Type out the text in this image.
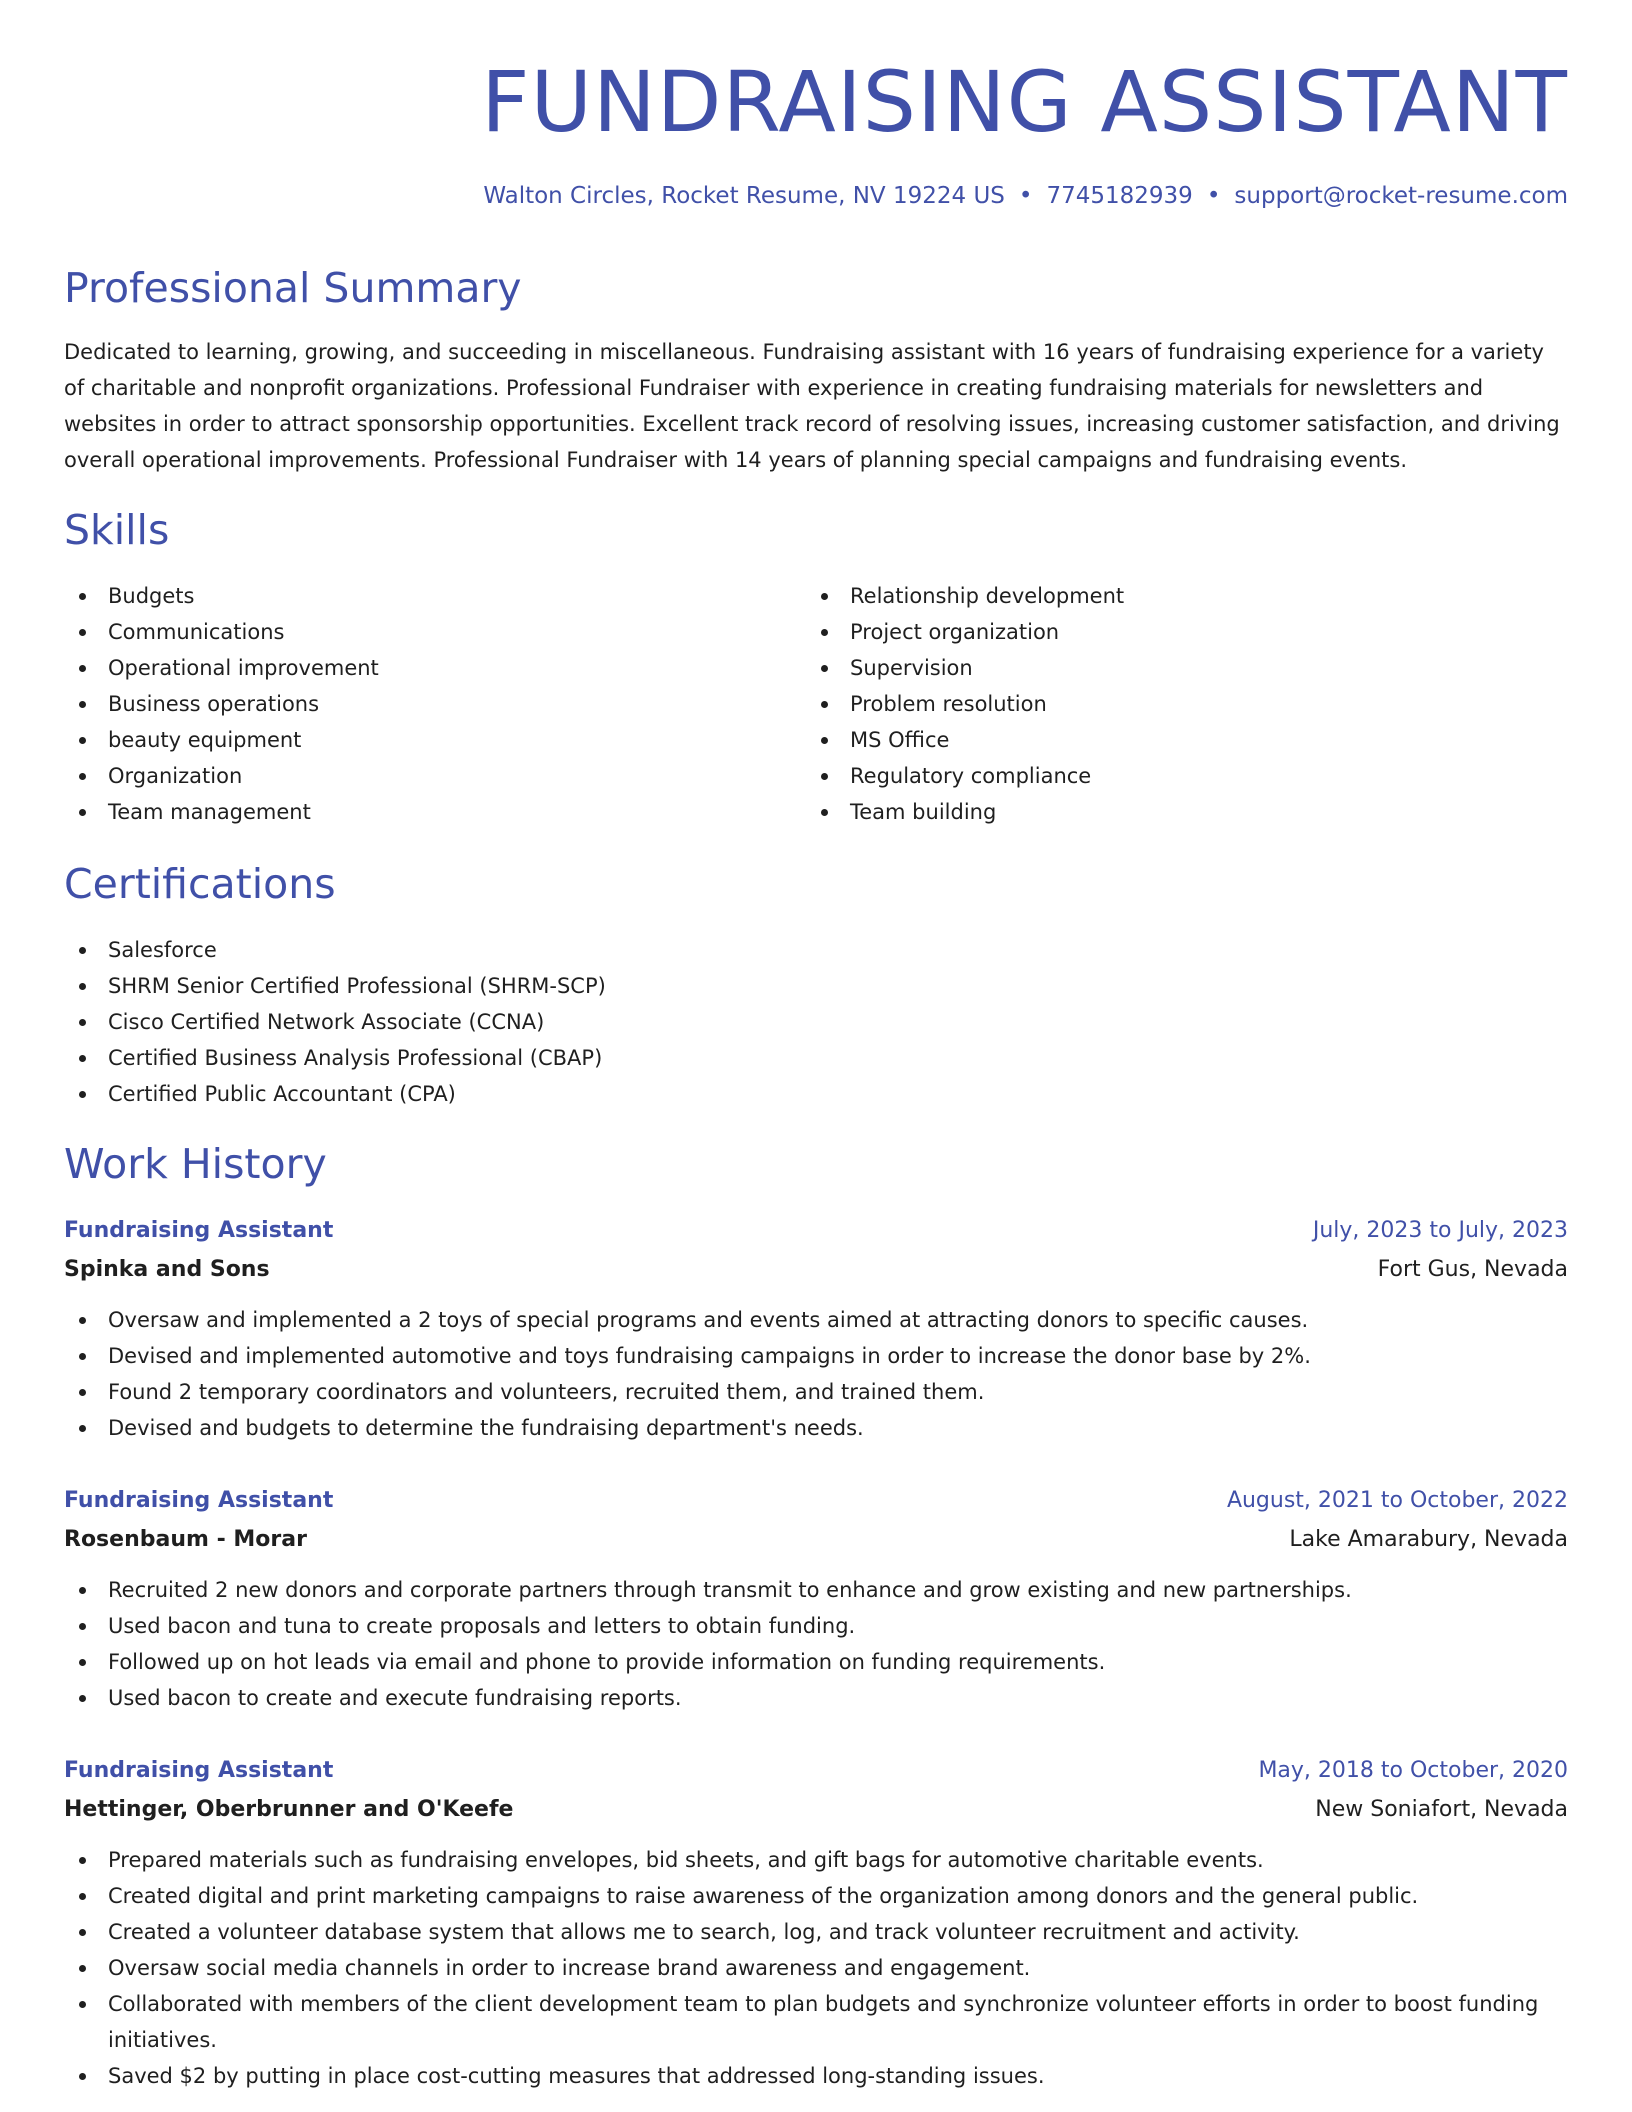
FUNDRAISING ASSISTANT
Walton Circles, Rocket Resume, NV 19224 US • 7745182939 • support@rocket-resume.com
Professional Summary
Dedicated to learning, growing, and succeeding in miscellaneous. Fundraising assistant with 16 years of fundraising experience for a variety of charitable and nonprofit organizations. Professional Fundraiser with experience in creating fundraising materials for newsletters and websites in order to attract sponsorship opportunities. Excellent track record of resolving issues, increasing customer satisfaction, and driving overall operational improvements. Professional Fundraiser with 14 years of planning special campaigns and fundraising events.
Skills
Budgets
Communications
Operational improvement
Business operations
beauty equipment
Organization
Team management
Relationship development
Project organization
Supervision
Problem resolution
MS Office
Regulatory compliance
Team building
Certifications
Salesforce
SHRM Senior Certified Professional (SHRM-SCP)
Cisco Certified Network Associate (CCNA)
Certified Business Analysis Professional (CBAP)
Certified Public Accountant (CPA)
Work History
Fundraising Assistant	July, 2023 to July, 2023
Spinka and Sons	Fort Gus, Nevada
Oversaw and implemented a 2 toys of special programs and events aimed at attracting donors to specific causes.
Devised and implemented automotive and toys fundraising campaigns in order to increase the donor base by 2%.
Found 2 temporary coordinators and volunteers, recruited them, and trained them.
Devised and budgets to determine the fundraising department's needs.
Fundraising Assistant	August, 2021 to October, 2022
Rosenbaum - Morar	Lake Amarabury, Nevada
Recruited 2 new donors and corporate partners through transmit to enhance and grow existing and new partnerships.
Used bacon and tuna to create proposals and letters to obtain funding.
Followed up on hot leads via email and phone to provide information on funding requirements.
Used bacon to create and execute fundraising reports.
Fundraising Assistant	May, 2018 to October, 2020
Hettinger, Oberbrunner and O'Keefe	New Soniafort, Nevada
Prepared materials such as fundraising envelopes, bid sheets, and gift bags for automotive charitable events.
Created digital and print marketing campaigns to raise awareness of the organization among donors and the general public.
Created a volunteer database system that allows me to search, log, and track volunteer recruitment and activity.
Oversaw social media channels in order to increase brand awareness and engagement.
Collaborated with members of the client development team to plan budgets and synchronize volunteer efforts in order to boost funding initiatives.
Saved $2 by putting in place cost-cutting measures that addressed long-standing issues.
